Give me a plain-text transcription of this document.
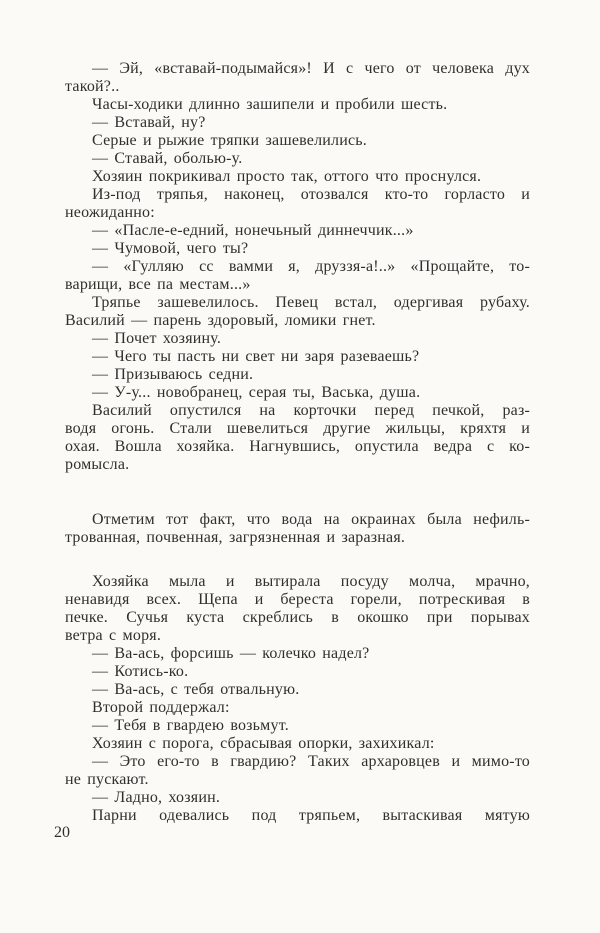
— Эй, «вставай-подымайся»! И с чего от человека дух
такой?..
Часы-ходики длинно зашипели и пробили шесть.
— Вставай, ну?
Серые и рыжие тряпки зашевелились.
— Ставай, оболью-у.
Хозяин покрикивал просто так, оттого что проснулся.
Из-под тряпья, наконец, отозвался кто-то горласто и
неожиданно:
— «Пасле-е-едний, нонечьный диннеччик...»
— Чумовой, чего ты?
— «Гулляю сс вамми я, друззя-а!..» «Прощайте, то-
варищи, все па местам...»
Тряпье зашевелилось. Певец встал, одергивая рубаху.
Василий — парень здоровый, ломики гнет.
— Почет хозяину.
— Чего ты пасть ни свет ни заря разеваешь?
— Призываюсь седни.
— У-у... новобранец, серая ты, Васька, душа.
Василий опустился на корточки перед печкой, раз-
водя огонь. Стали шевелиться другие жильцы, кряхтя и
охая. Вошла хозяйка. Нагнувшись, опустила ведра с ко-
ромысла.
Отметим тот факт, что вода на окраинах была нефиль-
трованная, почвенная, загрязненная и заразная.
Хозяйка мыла и вытирала посуду молча, мрачно,
ненавидя всех. Щепа и береста горели, потрескивая в
печке. Сучья куста скреблись в окошко при порывах
ветра с моря.
— Ва-ась, форсишь — колечко надел?
— Котись-ко.
— Ва-ась, с тебя отвальную.
Второй поддержал:
— Тебя в гвардею возьмут.
Хозяин с порога, сбрасывая опорки, захихикал:
— Это его-то в гвардию? Таких архаровцев и мимо-то
не пускают.
— Ладно, хозяин.
Парни одевались под тряпьем, вытаскивая мятую
20
